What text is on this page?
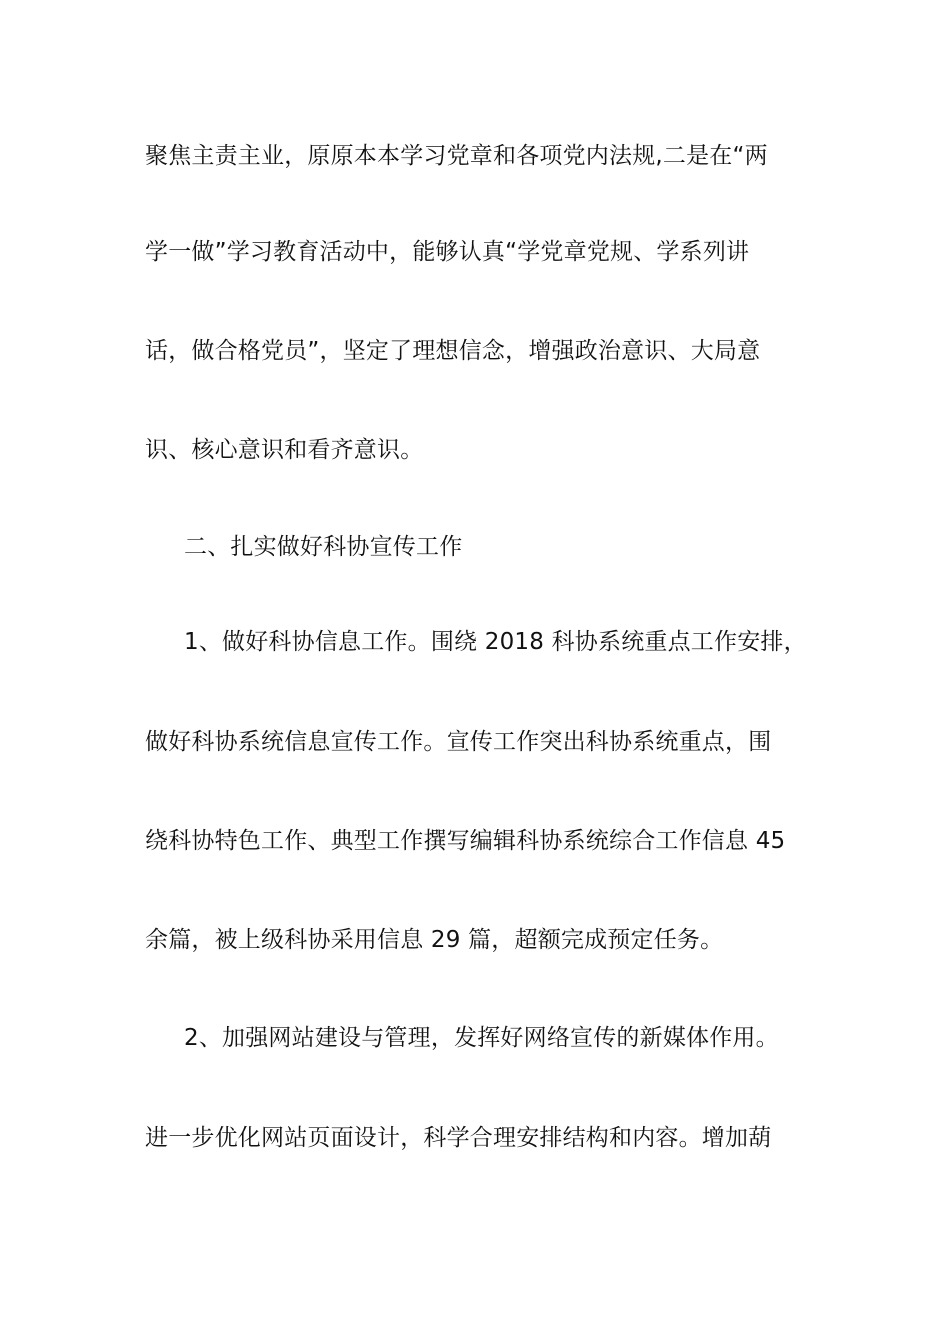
聚焦主责主业，原原本本学习党章和各项党内法规,二是在“两
学一做”学习教育活动中，能够认真“学党章党规、学系列讲
话，做合格党员”，坚定了理想信念，增强政治意识、大局意
识、核心意识和看齐意识。
二、扎实做好科协宣传工作
1、做好科协信息工作。围绕 2018 科协系统重点工作安排，
做好科协系统信息宣传工作。宣传工作突出科协系统重点，围
绕科协特色工作、典型工作撰写编辑科协系统综合工作信息 45
余篇，被上级科协采用信息 29 篇，超额完成预定任务。
2、加强网站建设与管理，发挥好网络宣传的新媒体作用。
进一步优化网站页面设计，科学合理安排结构和内容。增加葫
